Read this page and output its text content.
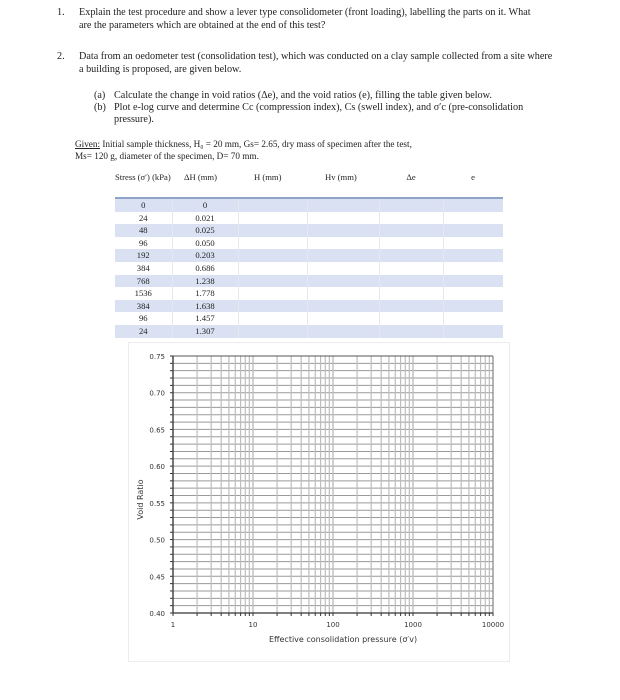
1. Explain the test procedure and show a lever type consolidometer (front loading), labelling the parts on it. What
are the parameters which are obtained at the end of this test?
2. Data from an oedometer test (consolidation test), which was conducted on a clay sample collected from a site where
a building is proposed, are given below.
(a) Calculate the change in void ratios (Δe), and the void ratios (e), filling the table given below.
(b) Plot e-log curve and determine Cc (compression index), Cs (swell index), and σ′c (pre-consolidation
pressure).
Given: Initial sample thickness, H₀ = 20 mm, Gs= 2.65, dry mass of specimen after the test,
Ms= 120 g, diameter of the specimen, D= 70 mm.
Stress (σ′) (kPa)	ΔH (mm)	H (mm)	Hv (mm)	Δe	e
0	0				
24	0.021				
48	0.025				
96	0.050				
192	0.203				
384	0.686				
768	1.238				
1536	1.778				
384	1.638				
96	1.457				
24	1.307				
0.40
0.45
0.50
0.55
0.60
0.65
0.70
0.75
1	10	100	1000	10000
Void Ratio
Effective consolidation pressure (σ′v)
